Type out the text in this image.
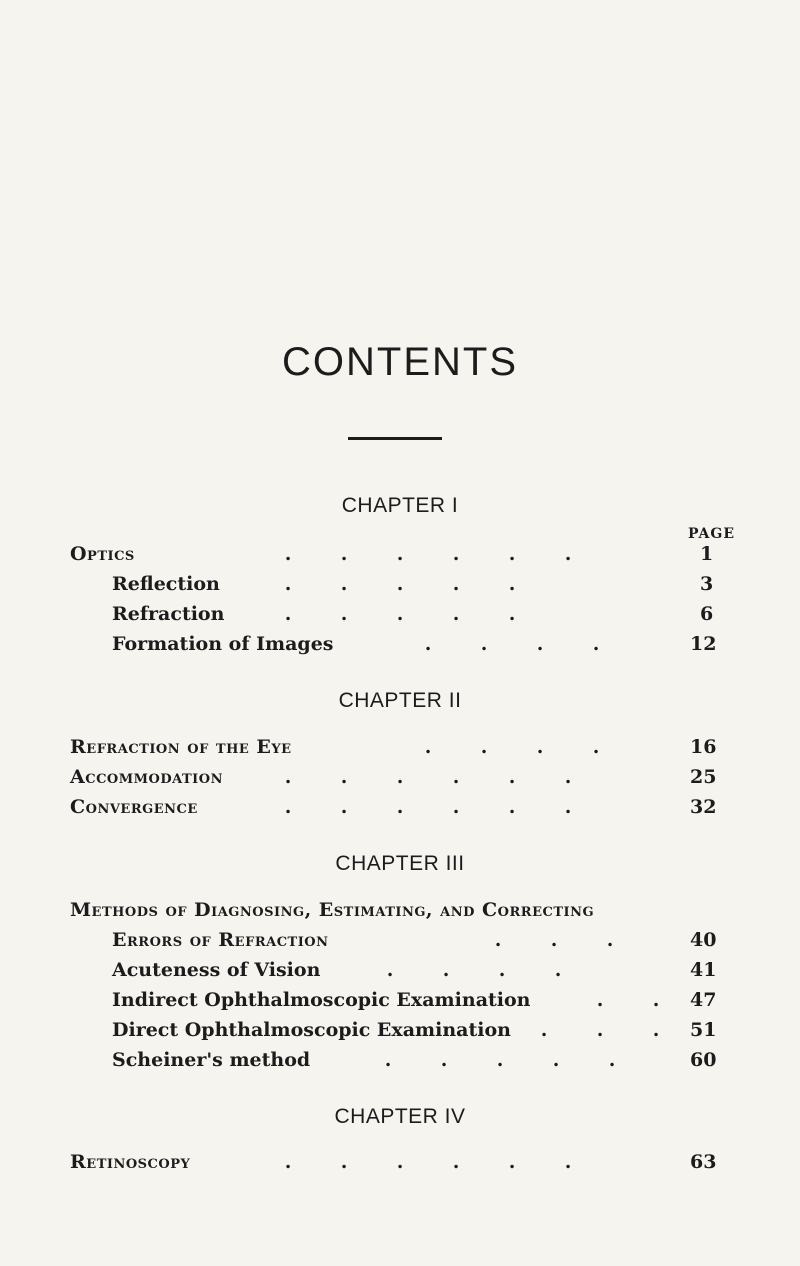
CONTENTS
CHAPTER I
PAGE
Optics	.	.	.	.	.	.	1
Reflection	.	.	.	.	.	3
Refraction	.	.	.	.	.	6
Formation of Images	.	.	.	.	12
CHAPTER II
Refraction of the Eye	.	.	.	.	16
Accommodation	.	.	.	.	.	.	25
Convergence	.	.	.	.	.	.	32
CHAPTER III
Methods of Diagnosing, Estimating, and Correcting
Errors of Refraction	.	.	.	40
Acuteness of Vision	.	.	.	.	41
Indirect Ophthalmoscopic Examination	.	.	47
Direct Ophthalmoscopic Examination	.	.	.	51
Scheiner's method	.	.	.	.	.	60
CHAPTER IV
Retinoscopy	.	.	.	.	.	.	63
